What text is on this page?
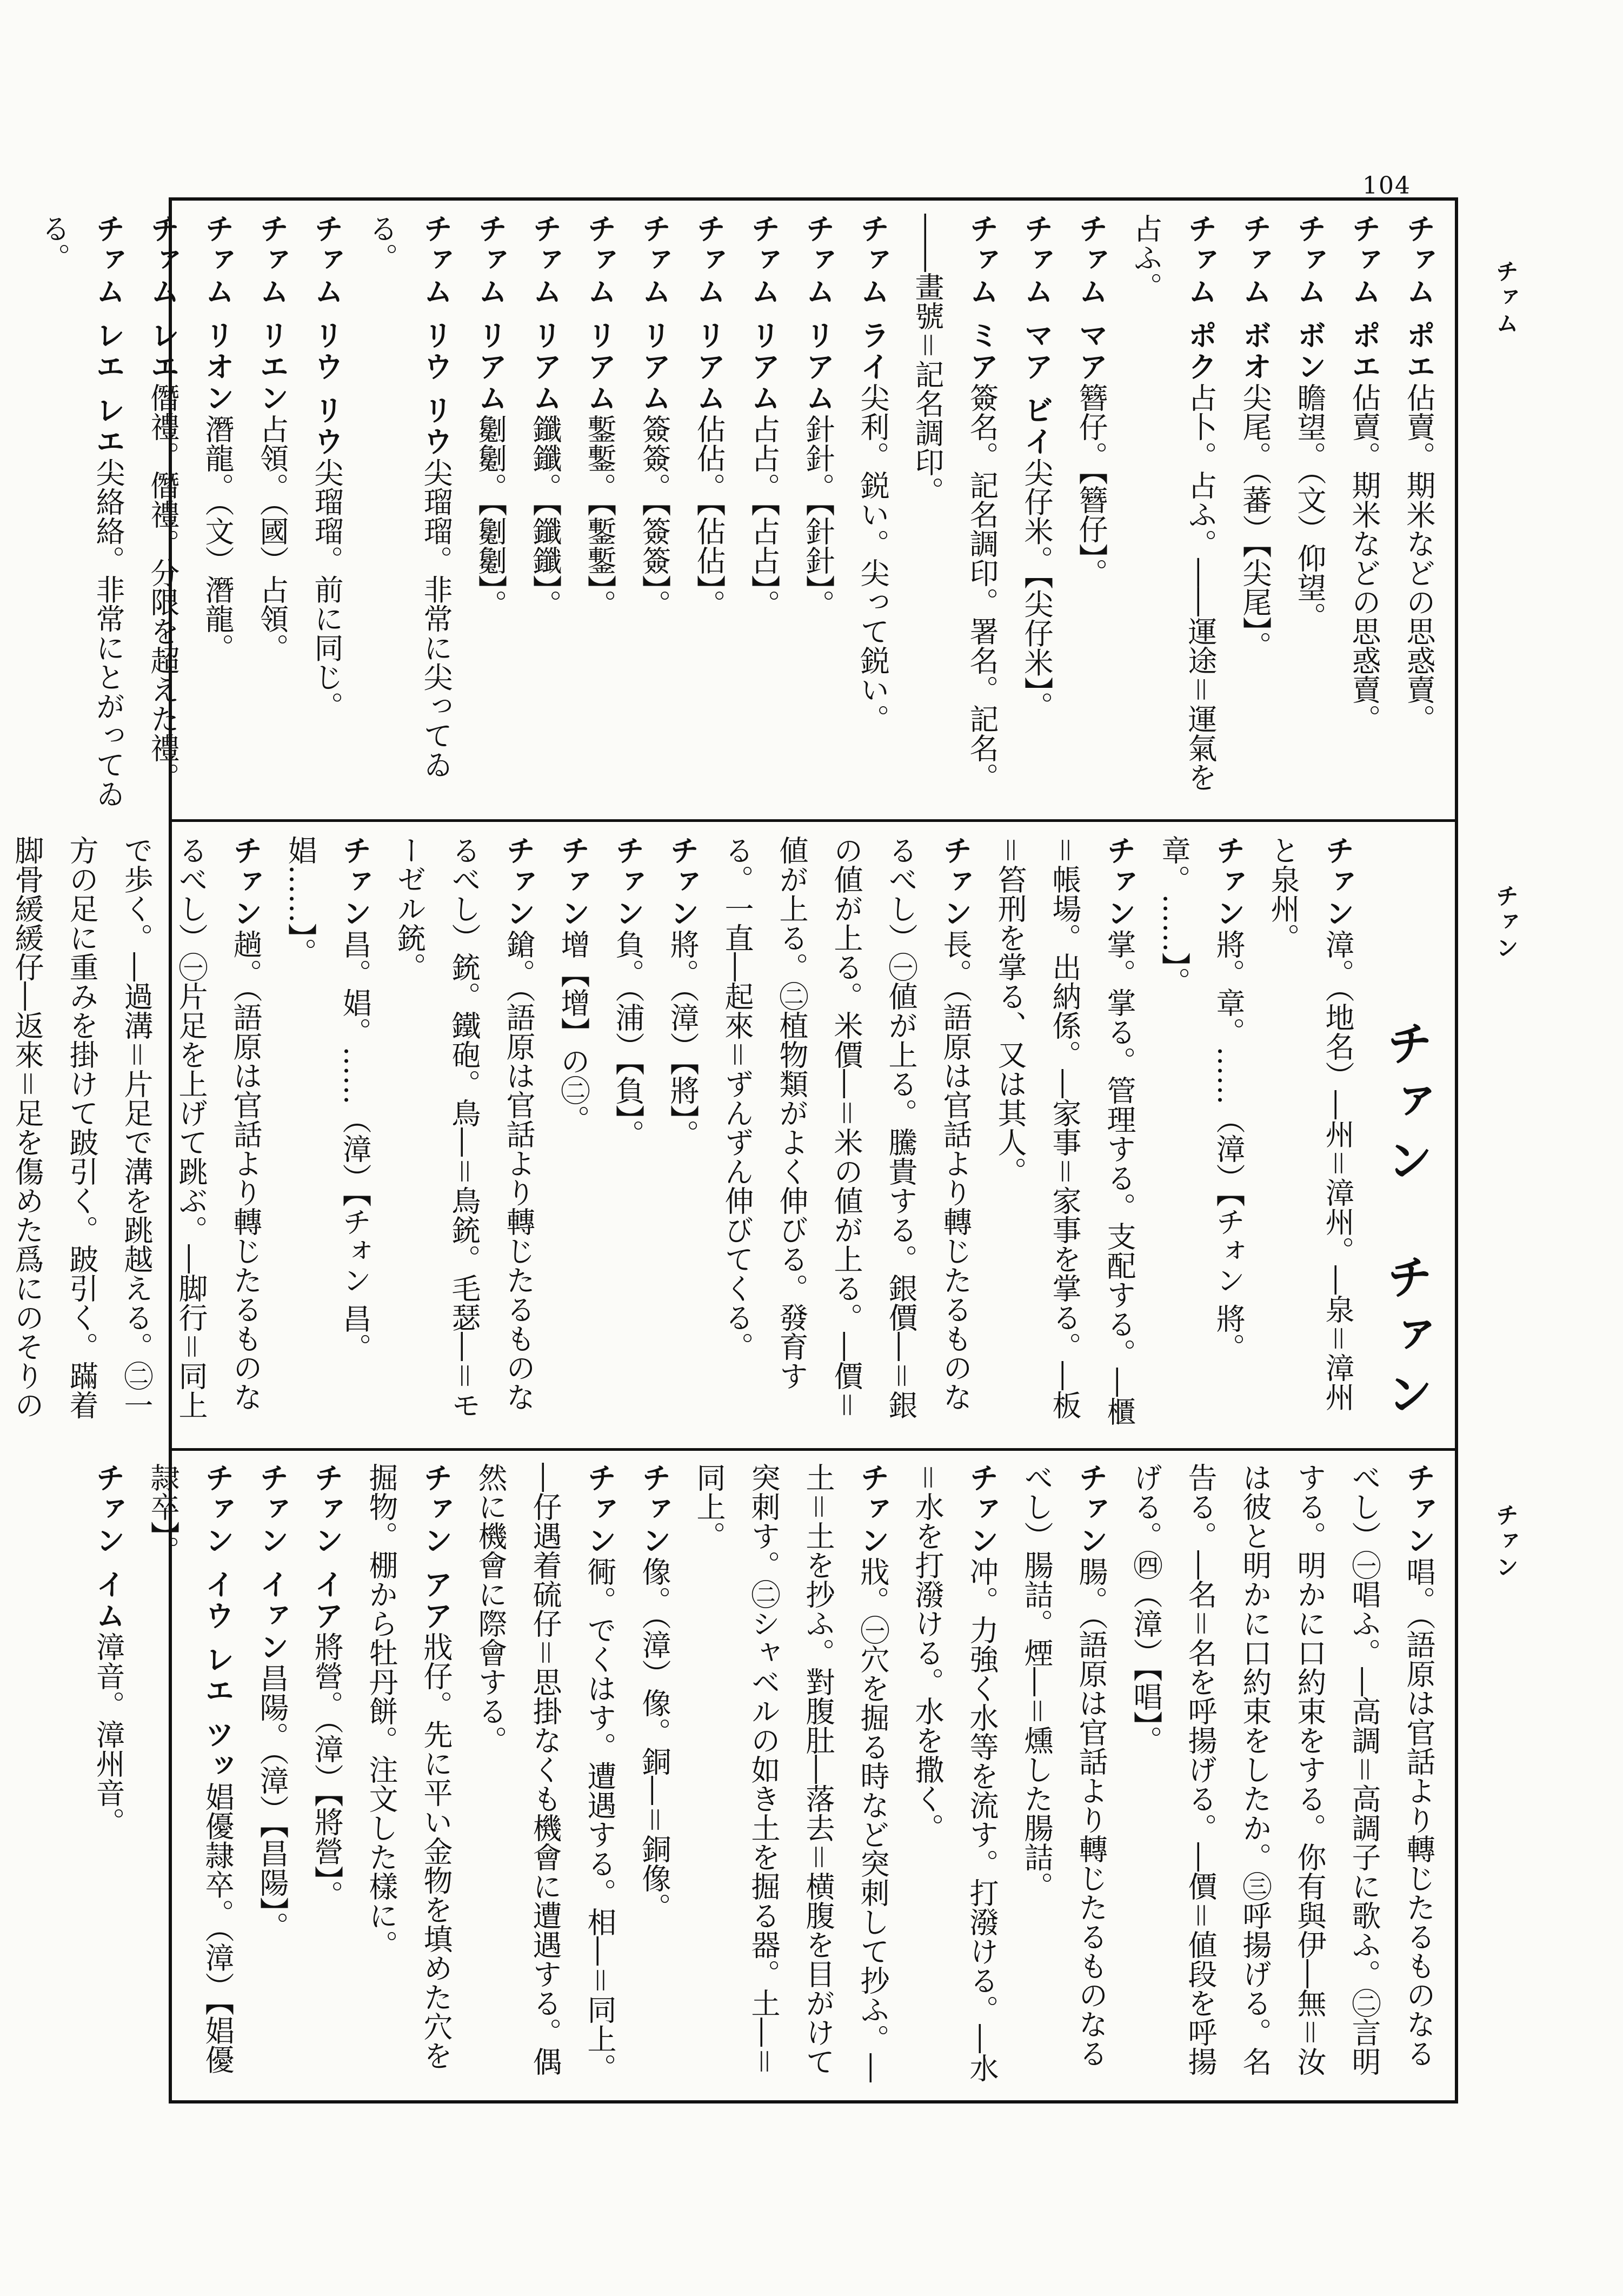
104
チァム
チァン
チァン

チァム ポエ佔賣。期米などの思惑賣。

チァム ポエ佔賣。期米などの思惑賣。

チァム ボン瞻望。（文）仰望。

チァム ボオ尖尾。（蕃）【尖尾】。

チァム ポク占卜。占ふ。――運途＝運氣を占ふ。

チァム マア簪仔。【簪仔】。

チァム マア ビイ尖仔米。【尖仔米】。

チァム ミア簽名。記名調印。署名。記名。――畫號＝記名調印。

チァム ライ尖利。鋭い。尖って鋭い。

チァム リアム針針。【針針】。

チァム リアム占占。【占占】。

チァム リアム佔佔。【佔佔】。

チァム リアム簽簽。【簽簽】。

チァム リアム鏨鏨。【鏨鏨】。

チァム リアム鑯鑯。【鑯鑯】。

チァム リアム劖劖。【劖劖】。

チァム リウ リウ尖瑠瑠。非常に尖ってゐる。

チァム リウ リウ尖瑠瑠。前に同じ。

チァム リエン占領。（國）占領。

チァム リオン潛龍。（文）潛龍。

チァム レエ僭禮。僭禮。分限を超えた禮。

チァム レエ レエ尖絡絡。非常にとがってゐる。

チァン　チァン

チァン漳。（地名）―州＝漳州。―泉＝漳州と泉州。

チァン將。章。……（漳）【チォン 將。章。……】。

チァン掌。掌る。管理する。支配する。―櫃＝帳場。出納係。―家事＝家事を掌る。―板＝笞刑を掌る、又は其人。

チァン長。（語原は官話より轉じたるものなるべし）㊀値が上る。騰貴する。銀價―＝銀の値が上る。米價―＝米の値が上る。―價＝値が上る。㊁植物類がよく伸びる。發育する。一直―起來＝ずんずん伸びてくる。

チァン將。（漳）【將】。

チァン負。（浦）【負】。

チァン增【增】の㊁。

チァン鎗。（語原は官話より轉じたるものなるべし）銃。鐵砲。鳥―＝鳥銃。毛瑟―＝モーゼル銃。

チァン昌。娼。……（漳）【チォン 昌。娼……】。

チァン趟。（語原は官話より轉じたるものなるべし）㊀片足を上げて跳ぶ。―脚行＝同上で歩く。―過溝＝片足で溝を跳越える。㊁一方の足に重みを掛けて跛引く。跛引く。蹣着脚骨緩緩仔―返來＝足を傷めた爲にのそりの

チァン唱。（語原は官話より轉じたるものなるべし）㊀唱ふ。―高調＝高調子に歌ふ。㊁言明する。明かに口約束をする。你有與伊―無＝汝は彼と明かに口約束をしたか。㊂呼揚げる。名告る。―名＝名を呼揚げる。―價＝値段を呼揚げる。㊃（漳）【唱】。

チァン腸。（語原は官話より轉じたるものなるべし）腸詰。煙―＝燻した腸詰。

チァン冲。力強く水等を流す。打潑ける。―水＝水を打潑ける。水を撒く。

チァン戕。㊀穴を掘る時など突刺して抄ふ。―土＝土を抄ふ。對腹肚―落去＝横腹を目がけて突刺す。㊁シャベルの如き土を掘る器。土―＝同上。

チァン像。（漳）像。銅―＝銅像。

チァン衕。でくはす。遭遇する。相―＝同上。―仔遇着硫仔＝思掛なくも機會に遭遇する。偶然に機會に際會する。

チァン アア戕仔。先に平い金物を填めた穴を掘物。棚から牡丹餅。注文した樣に。

チァン イア將營。（漳）【將營】。

チァン イァン昌陽。（漳）【昌陽】。

チァン イウ レエ ツッ娼優隷卒。（漳）【娼優隷卒】。

チァン イム漳音。漳州音。
